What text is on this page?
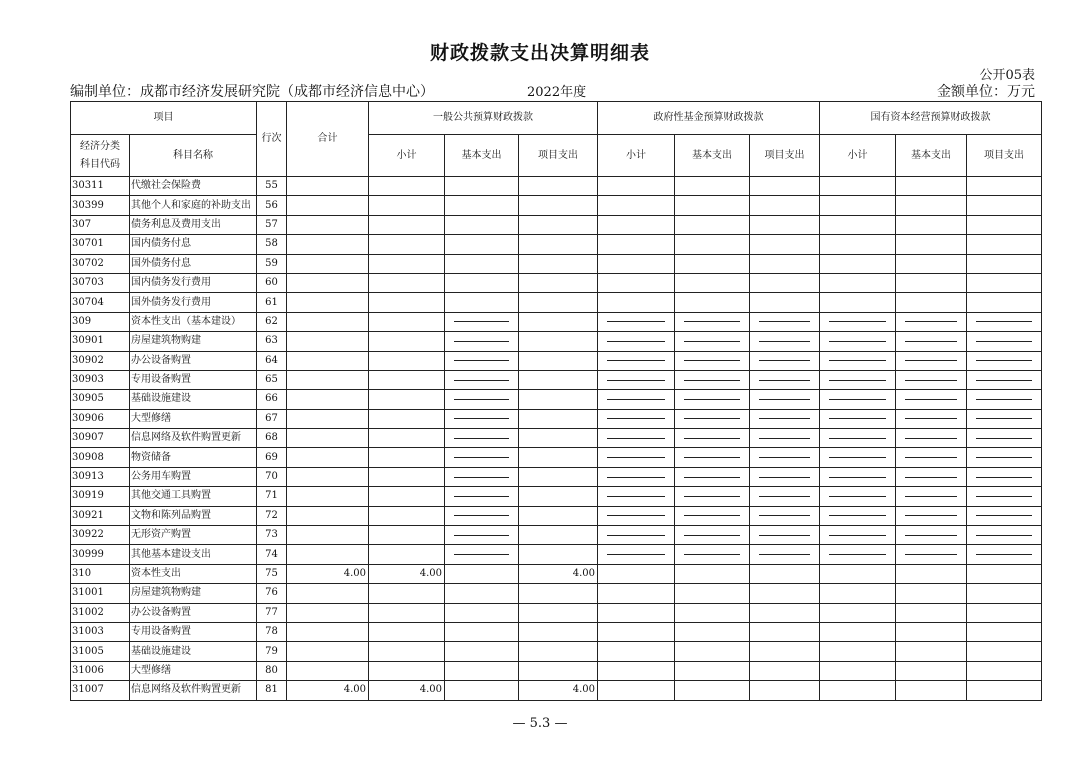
财政拨款支出决算明细表
公开05表
编制单位：成都市经济发展研究院（成都市经济信息中心）	2022年度	金额单位：万元
项目		行次	合计	一般公共预算财政拨款			政府性基金预算财政拨款			国有资本经营预算财政拨款		
经济分类
科目代码	科目名称			小计	基本支出	项目支出	小计	基本支出	项目支出	小计	基本支出	项目支出
30311	代缴社会保险费	55										
30399	其他个人和家庭的补助支出	56										
307	债务利息及费用支出	57										
30701	国内债务付息	58										
30702	国外债务付息	59										
30703	国内债务发行费用	60										
30704	国外债务发行费用	61										
309	资本性支出（基本建设）	62			

30901	房屋建筑物购建	63			

30902	办公设备购置	64			

30903	专用设备购置	65			

30905	基础设施建设	66			

30906	大型修缮	67			

30907	信息网络及软件购置更新	68			

30908	物资储备	69			

30913	公务用车购置	70			

30919	其他交通工具购置	71			

30921	文物和陈列品购置	72			

30922	无形资产购置	73			

30999	其他基本建设支出	74			

310	资本性支出	75	4.00	4.00		4.00						
31001	房屋建筑物购建	76										
31002	办公设备购置	77										
31003	专用设备购置	78										
31005	基础设施建设	79										
31006	大型修缮	80										
31007	信息网络及软件购置更新	81	4.00	4.00		4.00						
— 5.3 —
